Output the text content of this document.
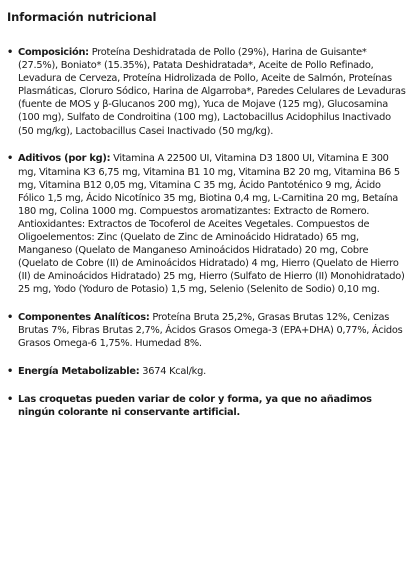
Información nutricional
• Composición: Proteína Deshidratada de Pollo (29%), Harina de Guisante* (27.5%), Boniato* (15.35%), Patata Deshidratada*, Aceite de Pollo Refinado, Levadura de Cerveza, Proteína Hidrolizada de Pollo, Aceite de Salmón, Proteínas Plasmáticas, Cloruro Sódico, Harina de Algarroba*, Paredes Celulares de Levaduras (fuente de MOS y β-Glucanos 200 mg), Yuca de Mojave (125 mg), Glucosamina (100 mg), Sulfato de Condroitina (100 mg), Lactobacillus Acidophilus Inactivado (50 mg/kg), Lactobacillus Casei Inactivado (50 mg/kg).
• Aditivos (por kg): Vitamina A 22500 UI, Vitamina D3 1800 UI, Vitamina E 300 mg, Vitamina K3 6,75 mg, Vitamina B1 10 mg, Vitamina B2 20 mg, Vitamina B6 5 mg, Vitamina B12 0,05 mg, Vitamina C 35 mg, Ácido Pantoténico 9 mg, Ácido Fólico 1,5 mg, Ácido Nicotínico 35 mg, Biotina 0,4 mg, L-Carnitina 20 mg, Betaína 180 mg, Colina 1000 mg. Compuestos aromatizantes: Extracto de Romero. Antioxidantes: Extractos de Tocoferol de Aceites Vegetales. Compuestos de Oligoelementos: Zinc (Quelato de Zinc de Aminoácido Hidratado) 65 mg, Manganeso (Quelato de Manganeso Aminoácidos Hidratado) 20 mg, Cobre (Quelato de Cobre (II) de Aminoácidos Hidratado) 4 mg, Hierro (Quelato de Hierro (II) de Aminoácidos Hidratado) 25 mg, Hierro (Sulfato de Hierro (II) Monohidratado) 25 mg, Yodo (Yoduro de Potasio) 1,5 mg, Selenio (Selenito de Sodio) 0,10 mg.
• Componentes Analíticos: Proteína Bruta 25,2%, Grasas Brutas 12%, Cenizas Brutas 7%, Fibras Brutas 2,7%, Ácidos Grasos Omega-3 (EPA+DHA) 0,77%, Ácidos Grasos Omega-6 1,75%. Humedad 8%.
• Energía Metabolizable: 3674 Kcal/kg.
• Las croquetas pueden variar de color y forma, ya que no añadimos ningún colorante ni conservante artificial.
